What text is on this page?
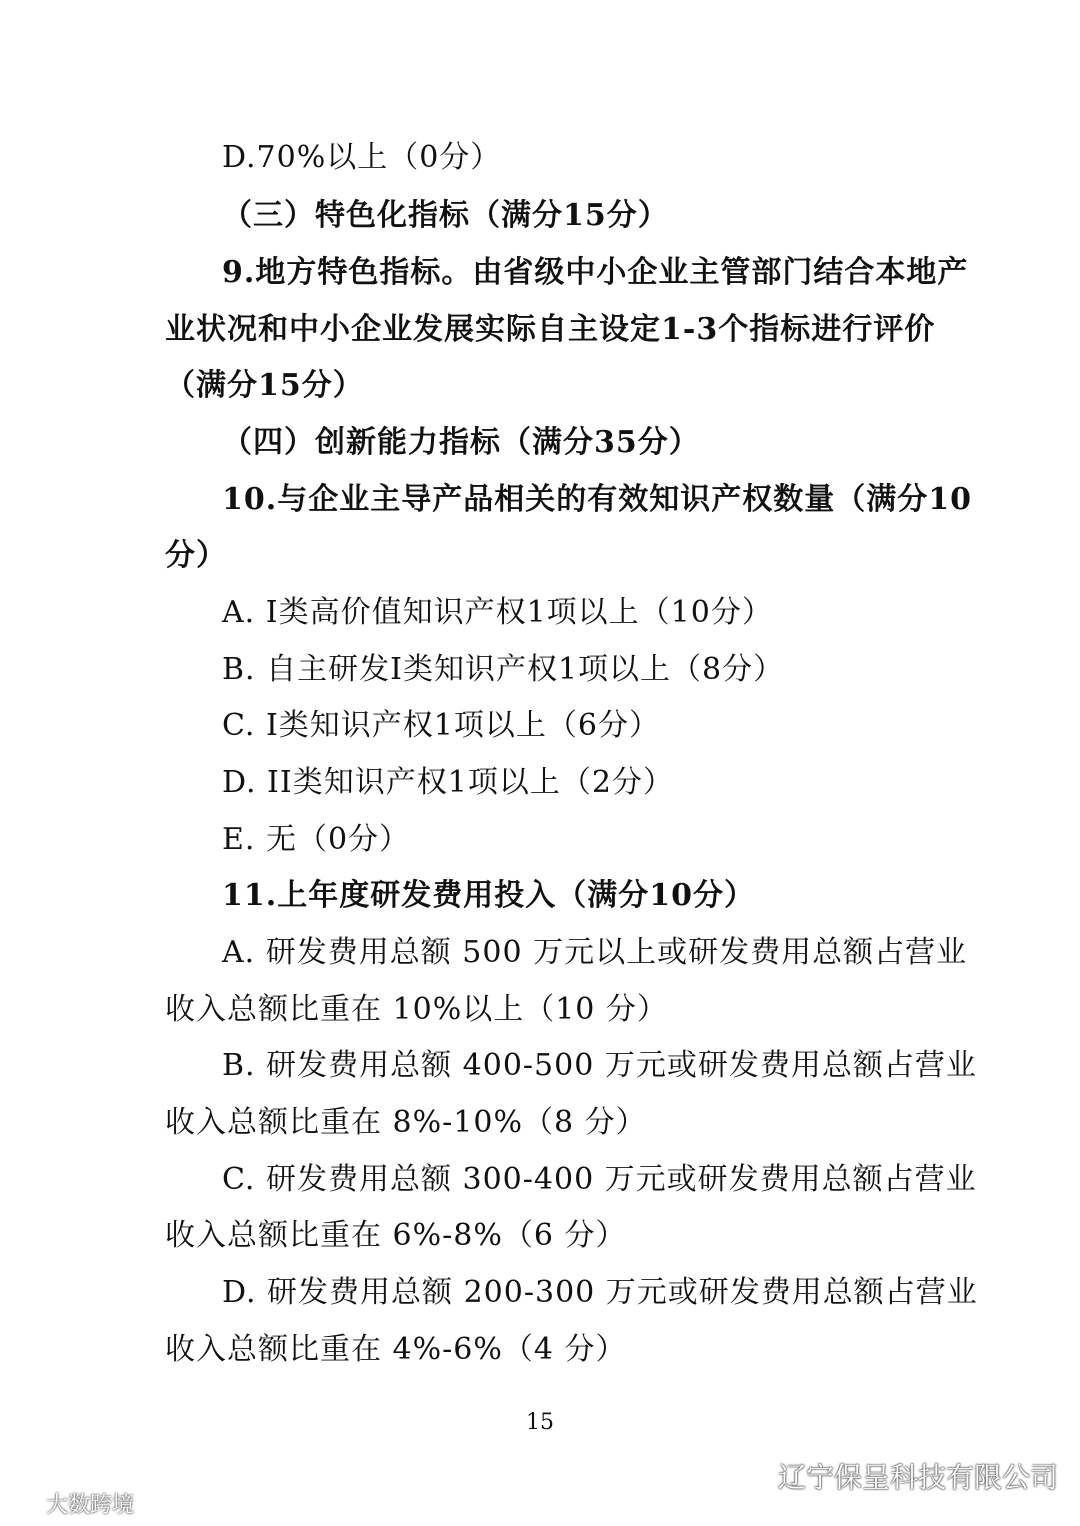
D.70%以上（0分）
（三）特色化指标（满分15分）
9.地方特色指标。由省级中小企业主管部门结合本地产
业状况和中小企业发展实际自主设定1-3个指标进行评价
（满分15分）
（四）创新能力指标（满分35分）
10.与企业主导产品相关的有效知识产权数量（满分10
分）
A. I类高价值知识产权1项以上（10分）
B. 自主研发I类知识产权1项以上（8分）
C. I类知识产权1项以上（6分）
D. II类知识产权1项以上（2分）
E. 无（0分）
11.上年度研发费用投入（满分10分）
A. 研发费用总额 500 万元以上或研发费用总额占营业
收入总额比重在 10%以上（10 分）
B. 研发费用总额 400-500 万元或研发费用总额占营业
收入总额比重在 8%-10%（8 分）
C. 研发费用总额 300-400 万元或研发费用总额占营业
收入总额比重在 6%-8%（6 分）
D. 研发费用总额 200-300 万元或研发费用总额占营业
收入总额比重在 4%-6%（4 分）
15
辽宁保呈科技有限公司
大数跨境
